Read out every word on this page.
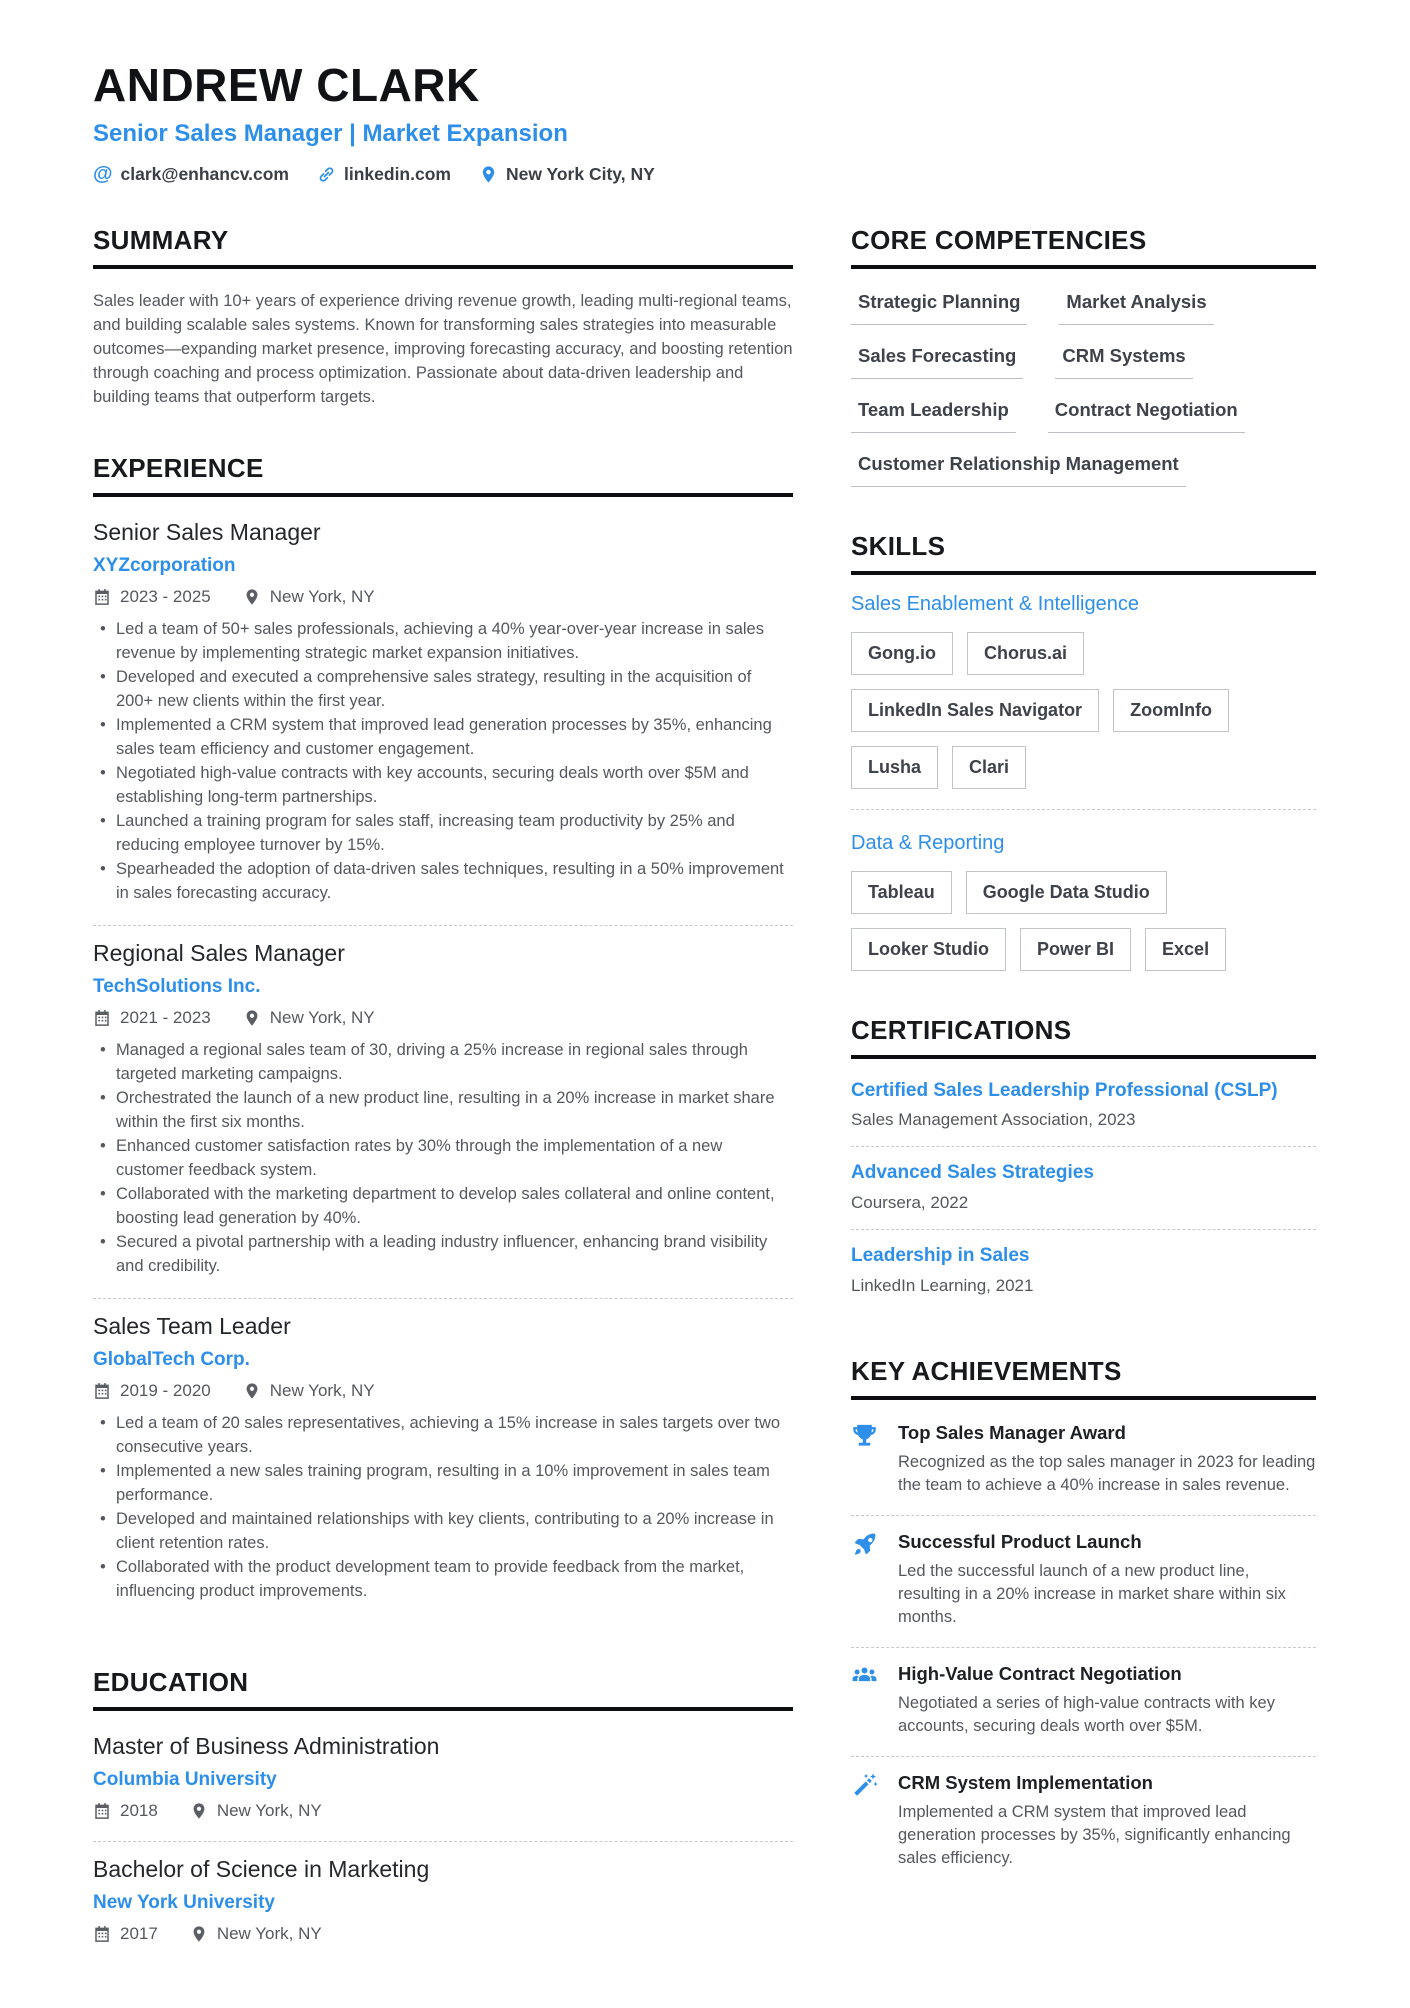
ANDREW CLARK
Senior Sales Manager | Market Expansion
@ clark@enhancv.com	linkedin.com	New York City, NY
SUMMARY

Sales leader with 10+ years of experience driving revenue growth, leading multi-regional teams, and building scalable sales systems. Known for transforming sales strategies into measurable outcomes—expanding market presence, improving forecasting accuracy, and boosting retention through coaching and process optimization. Passionate about data-driven leadership and building teams that outperform targets.

EXPERIENCE
Senior Sales Manager
XYZcorporation
2023 - 2025	New York, NY
• Led a team of 50+ sales professionals, achieving a 40% year-over-year increase in sales revenue by implementing strategic market expansion initiatives.
• Developed and executed a comprehensive sales strategy, resulting in the acquisition of 200+ new clients within the first year.
• Implemented a CRM system that improved lead generation processes by 35%, enhancing sales team efficiency and customer engagement.
• Negotiated high-value contracts with key accounts, securing deals worth over $5M and establishing long-term partnerships.
• Launched a training program for sales staff, increasing team productivity by 25% and reducing employee turnover by 15%.
• Spearheaded the adoption of data-driven sales techniques, resulting in a 50% improvement in sales forecasting accuracy.
Regional Sales Manager
TechSolutions Inc.
2021 - 2023	New York, NY
• Managed a regional sales team of 30, driving a 25% increase in regional sales through targeted marketing campaigns.
• Orchestrated the launch of a new product line, resulting in a 20% increase in market share within the first six months.
• Enhanced customer satisfaction rates by 30% through the implementation of a new customer feedback system.
• Collaborated with the marketing department to develop sales collateral and online content, boosting lead generation by 40%.
• Secured a pivotal partnership with a leading industry influencer, enhancing brand visibility and credibility.
Sales Team Leader
GlobalTech Corp.
2019 - 2020	New York, NY
• Led a team of 20 sales representatives, achieving a 15% increase in sales targets over two consecutive years.
• Implemented a new sales training program, resulting in a 10% improvement in sales team performance.
• Developed and maintained relationships with key clients, contributing to a 20% increase in client retention rates.
• Collaborated with the product development team to provide feedback from the market, influencing product improvements.
EDUCATION
Master of Business Administration
Columbia University
2018	New York, NY
Bachelor of Science in Marketing
New York University
2017	New York, NY
CORE COMPETENCIES
Strategic Planning	Market Analysis
Sales Forecasting	CRM Systems
Team Leadership	Contract Negotiation
Customer Relationship Management
SKILLS
Sales Enablement & Intelligence
Gong.io	Chorus.ai
LinkedIn Sales Navigator	ZoomInfo
Lusha	Clari
Data & Reporting
Tableau	Google Data Studio
Looker Studio	Power BI	Excel
CERTIFICATIONS
Certified Sales Leadership Professional (CSLP)
Sales Management Association, 2023
Advanced Sales Strategies
Coursera, 2022
Leadership in Sales
LinkedIn Learning, 2021
KEY ACHIEVEMENTS
Top Sales Manager Award
Recognized as the top sales manager in 2023 for leading the team to achieve a 40% increase in sales revenue.
Successful Product Launch
Led the successful launch of a new product line, resulting in a 20% increase in market share within six months.
High-Value Contract Negotiation
Negotiated a series of high-value contracts with key accounts, securing deals worth over $5M.
CRM System Implementation
Implemented a CRM system that improved lead generation processes by 35%, significantly enhancing sales efficiency.
